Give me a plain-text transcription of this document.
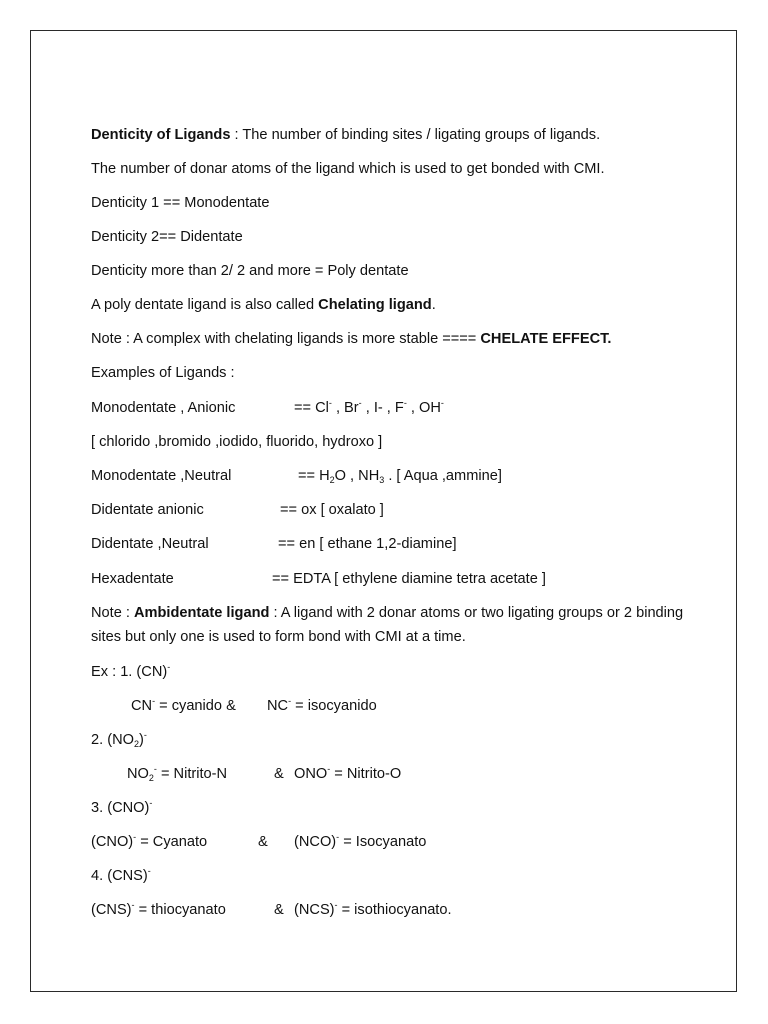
Denticity of Ligands : The number of binding sites / ligating groups of ligands.
The number of donar atoms of the ligand which is used to get bonded with CMI.
Denticity 1 == Monodentate
Denticity 2== Didentate
Denticity more than 2/ 2 and more = Poly dentate
A poly dentate ligand is also called Chelating ligand.
Note : A complex with chelating ligands is more stable ==== CHELATE EFFECT.
Examples of Ligands :
Monodentate , Anionic	== Cl- , Br- , I- , F- , OH-
[ chlorido ,bromido ,iodido, fluorido, hydroxo ]
Monodentate ,Neutral	== $H_2O$ , $NH_3$ . [ Aqua ,ammine]
Didentate anionic	== ox [ oxalato ]
Didentate ,Neutral	== en [ ethane 1,2-diamine]
Hexadentate	== EDTA [ ethylene diamine tetra acetate ]
Note : Ambidentate ligand : A ligand with 2 donar atoms or two ligating groups or 2 binding sites but only one is used to form bond with CMI at a time.
Ex : 1. (CN)-
CN- = cyanido & NC- = isocyanido
2. $(NO_2)^-$
$NO_2^-$ = Nitrito-N	& ONO- = Nitrito-O
3. (CNO)-
(CNO)- = Cyanato	& (NCO)- = Isocyanato
4. (CNS)-
(CNS)- = thiocyanato	& (NCS)- = isothiocyanato.
